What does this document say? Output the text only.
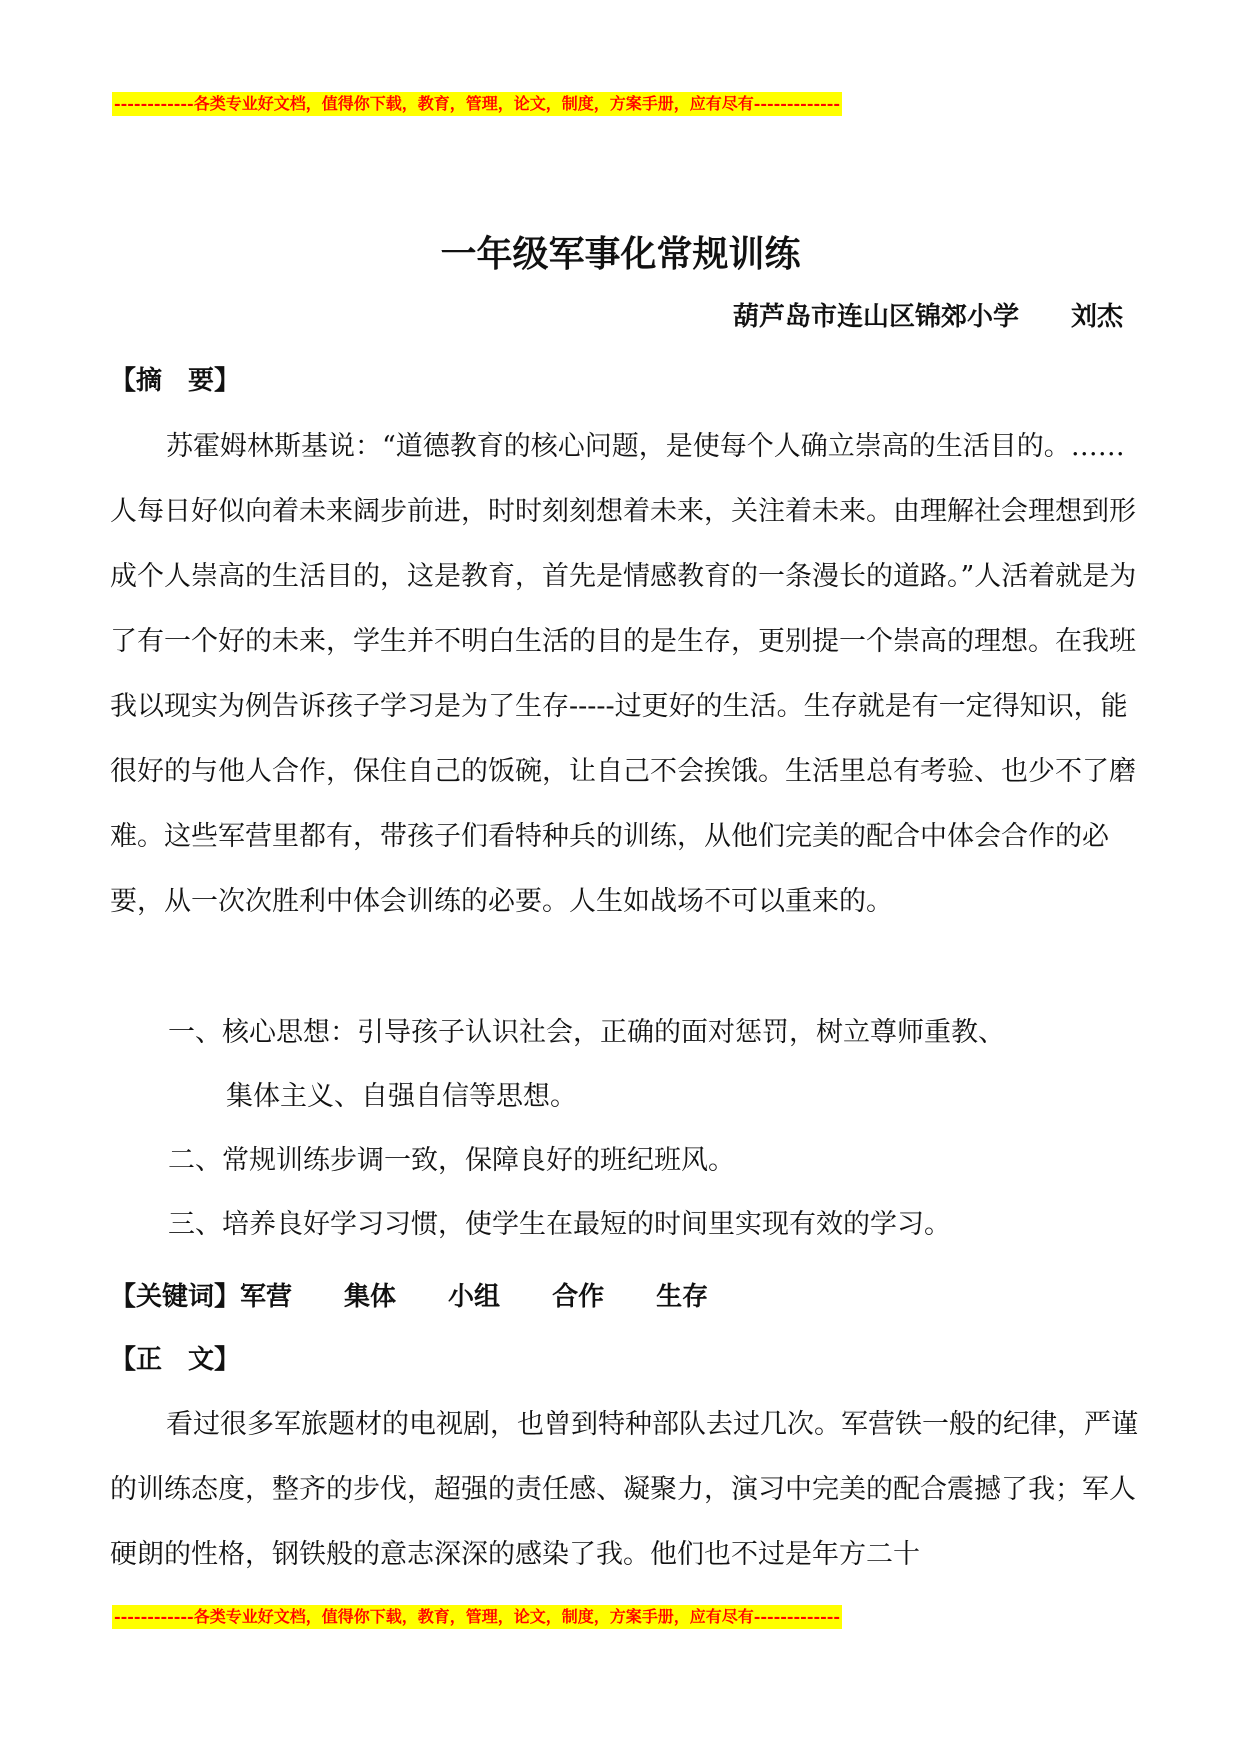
------------各类专业好文档，值得你下载，教育，管理，论文，制度，方案手册，应有尽有-------------
一年级军事化常规训练
葫芦岛市连山区锦郊小学　　刘杰
【摘　要】

苏霍姆林斯基说：“道德教育的核心问题，是使每个人确立崇高的生活目的。……人每日好似向着未来阔步前进，时时刻刻想着未来，关注着未来。由理解社会理想到形成个人崇高的生活目的，这是教育，首先是情感教育的一条漫长的道路。”人活着就是为了有一个好的未来，学生并不明白生活的目的是生存，更别提一个崇高的理想。在我班我以现实为例告诉孩子学习是为了生存-----过更好的生活。生存就是有一定得知识，能很好的与他人合作，保住自己的饭碗，让自己不会挨饿。生活里总有考验、也少不了磨难。这些军营里都有，带孩子们看特种兵的训练，从他们完美的配合中体会合作的必要，从一次次胜利中体会训练的必要。人生如战场不可以重来的。

一、核心思想：引导孩子认识社会，正确的面对惩罚，树立尊师重教、
集体主义、自强自信等思想。
二、常规训练步调一致，保障良好的班纪班风。
三、培养良好学习习惯，使学生在最短的时间里实现有效的学习。
【关键词】军营 集体 小组 合作 生存
【正　文】

看过很多军旅题材的电视剧，也曾到特种部队去过几次。军营铁一般的纪律，严谨的训练态度，整齐的步伐，超强的责任感、凝聚力，演习中完美的配合震撼了我；军人硬朗的性格，钢铁般的意志深深的感染了我。他们也不过是年方二十

------------各类专业好文档，值得你下载，教育，管理，论文，制度，方案手册，应有尽有-------------
